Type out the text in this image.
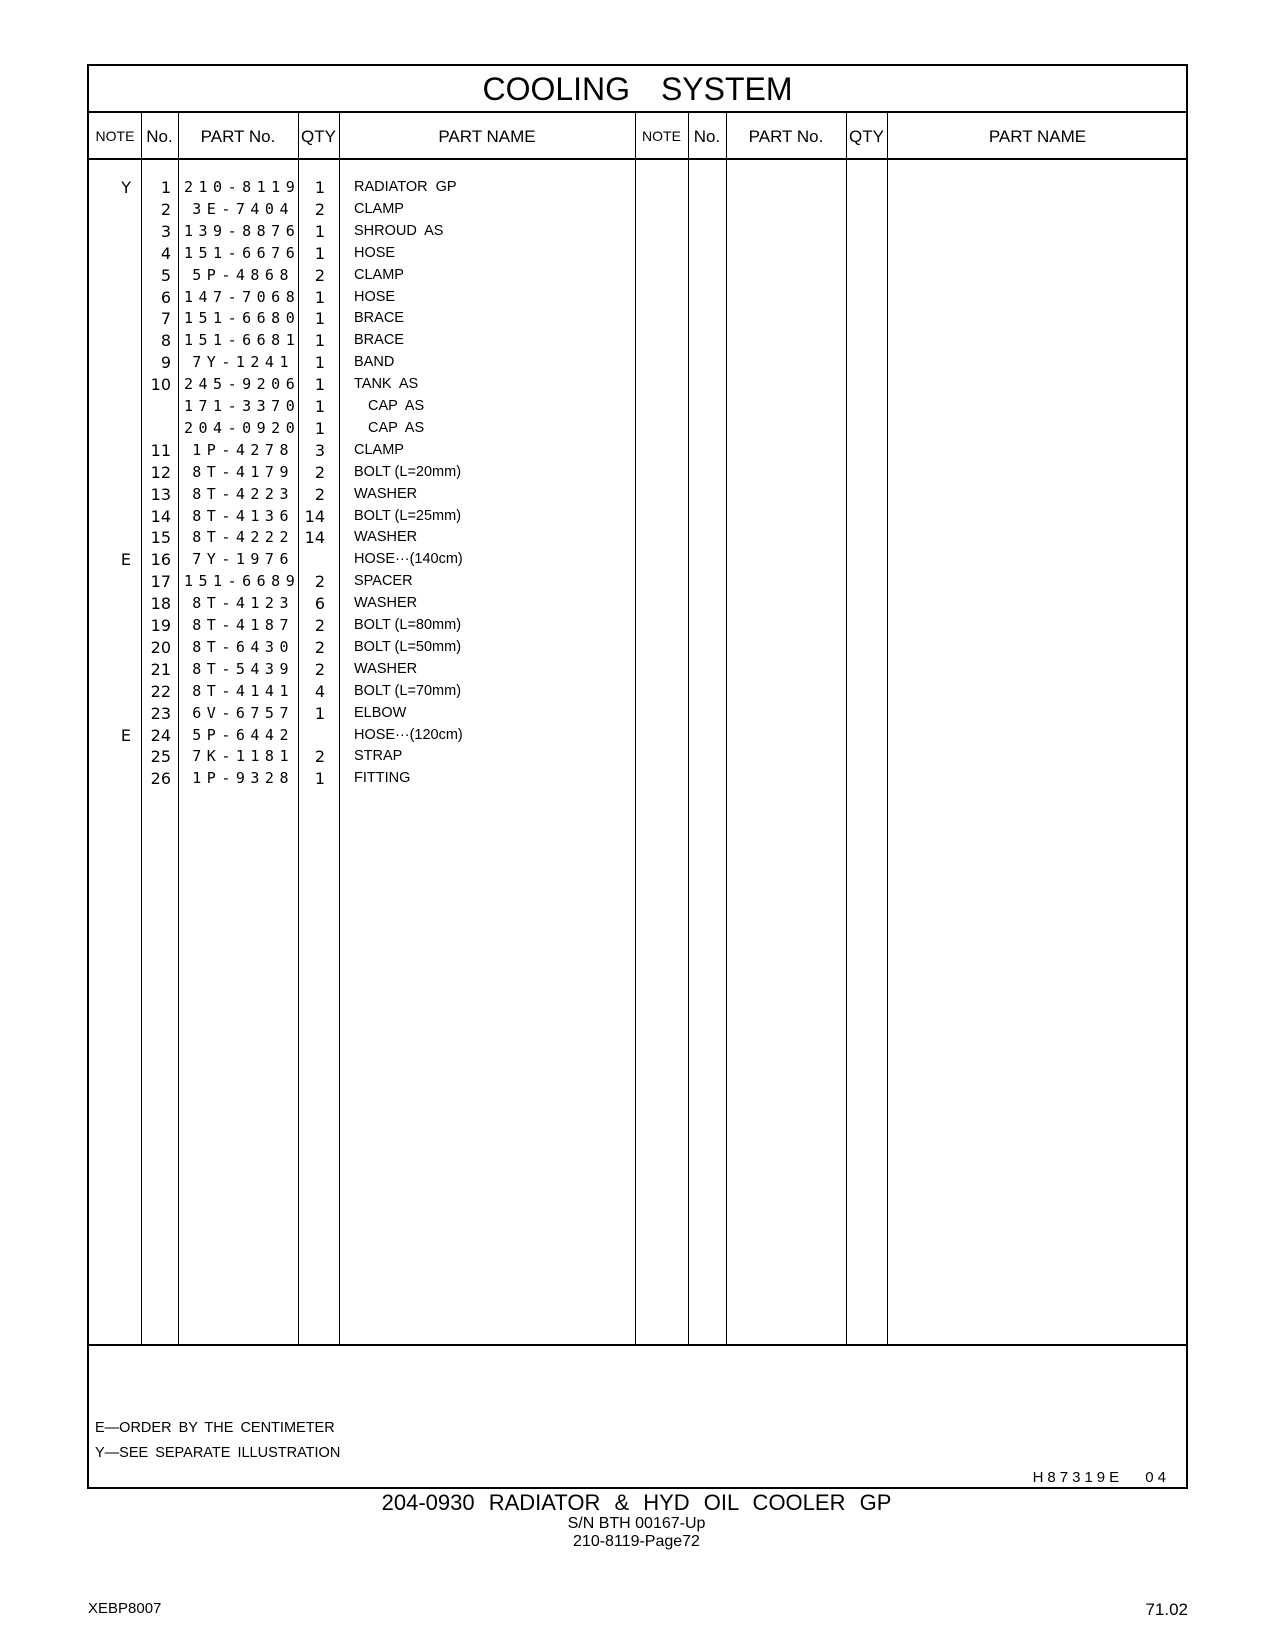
COOLING SYSTEM
NOTE No.	PART No.	QTY	PART NAME	NOTE No.	PART No.	QTY	PART NAME
Y	1 210-8119 1 RADIATOR  GP
2	3E-7404	2 CLAMP
3 139-8876 1 SHROUD  AS
4 151-6676 1 HOSE
5	5P-4868	2 CLAMP
6 147-7068 1 HOSE
7 151-6680 1 BRACE
8 151-6681 1 BRACE
9	7Y-1241	1 BAND
10 245-9206 1 TANK  AS
171-3370 1	CAP  AS
204-0920 1	CAP  AS
11	1P-4278	3 CLAMP
12	8T-4179	2 BOLT (L=20mm)
13	8T-4223	2 WASHER
14	8T-4136 14 BOLT (L=25mm)
15	8T-4222 14 WASHER
E	16	7Y-1976	HOSE···(140cm)
17 151-6689 2 SPACER
18	8T-4123	6 WASHER
19	8T-4187	2 BOLT (L=80mm)
20	8T-6430	2 BOLT (L=50mm)
21	8T-5439	2 WASHER
22	8T-4141	4 BOLT (L=70mm)
23	6V-6757	1 ELBOW
E	24	5P-6442	HOSE···(120cm)
25	7K-1181	2 STRAP
26	1P-9328	1 FITTING
E—ORDER BY THE CENTIMETER
Y—SEE SEPARATE ILLUSTRATION
H87319E 04
204-0930 RADIATOR & HYD OIL COOLER GP
S/N BTH 00167-Up
210-8119-Page72
XEBP8007	71.02
